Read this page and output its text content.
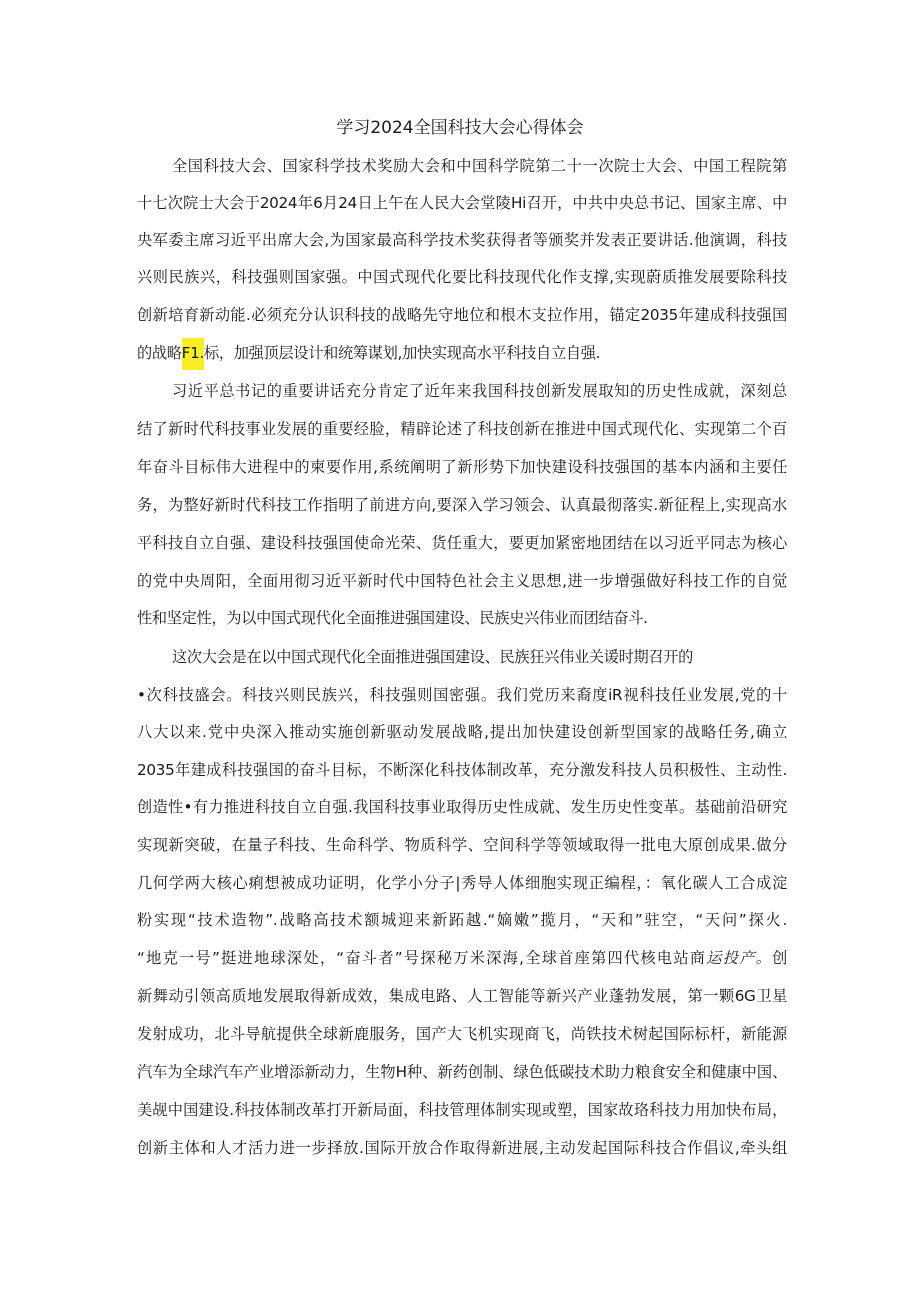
学习2024全国科技大会心得体会
全国科技大会、国家科学技术奖励大会和中国科学院第二十一次院士大会、中国工程院第
十七次院士大会于2024年6月24日上午在人民大会堂陵Hi召开，中共中央总书记、国家主席、中
央军委主席习近平出席大会,为国家最高科学技术奖获得者等颁奖并发表正要讲话.他演调，科技
兴则民族兴，科技强则国家强。中国式现代化要比科技现代化作支撑,实现蔚质推发展要除科技
创新培育新动能.必须充分认识科技的战略先守地位和根木支拉作用，锚定2035年建成科技强国
的战略F1.标，加强顶层设计和统筹谋划,加快实现高水平科技自立自强.
习近平总书记的重要讲话充分肯定了近年来我国科技创新发展取知的历史性成就，深刻总
结了新时代科技事业发展的重要经脸，精辟论述了科技创新在推进中国式现代化、实现第二个百
年奋斗目标伟大进程中的柬要作用,系统阐明了新形势下加快建设科技强国的基本内涵和主要任
务，为整好新时代科技工作指明了前进方向,要深入学习领会、认真最彻落实.新征程上,实现高水
平科技自立自强、建设科技强国使命光荣、货任重大，要更加紧密地团结在以习近平同志为核心
的党中央周阳，全面用彻习近平新时代中国特色社会主义思想,进一步增强做好科技工作的自觉
性和坚定性，为以中国式现代化全面推进强国建设、民族史兴伟业而团结奋斗.
这次大会是在以中国式现代化全面推进强国建设、民族狂兴伟业关谖时期召开的
•次科技盛会。科技兴则民族兴，科技强则国密强。我们党历来裔度iR视科技任业发展,党的十
八大以来.党中央深入推动实施创新驱动发展战略,提出加快建设创新型国家的战略任务,确立
2035年建成科技强国的奋斗目标，不断深化科技体制改革，充分激发科技人员积极性、主动性.
创造性•有力推进科技自立自强.我国科技事业取得历史性成就、发生历史性变革。基础前沿研究
实现新突破，在量子科技、生命科学、物质科学、空间科学等领域取得一批电大原创成果.做分
几何学两大核心痢想被成功证明，化学小分子|秀导人体细胞实现正编程，：氧化碳人工合成淀
粉实现“技术造物”.战略高技术额城迎来新跖越.“嫡嫩”揽月，“天和”驻空，“天问”探火.
“地克一号”挺进地球深处，“奋斗者”号探秘万米深海,全球首座第四代核电站商运投产。创
新舞动引领高质地发展取得新成效，集成电路、人工智能等新兴产业蓬勃发展，第一颗6G卫星
发射成功，北斗导航提供全球新鹿服务，国产大飞机实现商飞，尚铁技术树起国际标杆，新能源
汽车为全球汽车产业增添新动力，生物H种、新药创制、绿色低碳技术助力粮食安全和健康中国、
美觇中国建设.科技体制改革打开新局面，科技管理体制实现或塑，国家故珞科技力用加快布局，
创新主体和人才活力进一步择放.国际开放合作取得新进展,主动发起国际科技合作倡议,牵头组
